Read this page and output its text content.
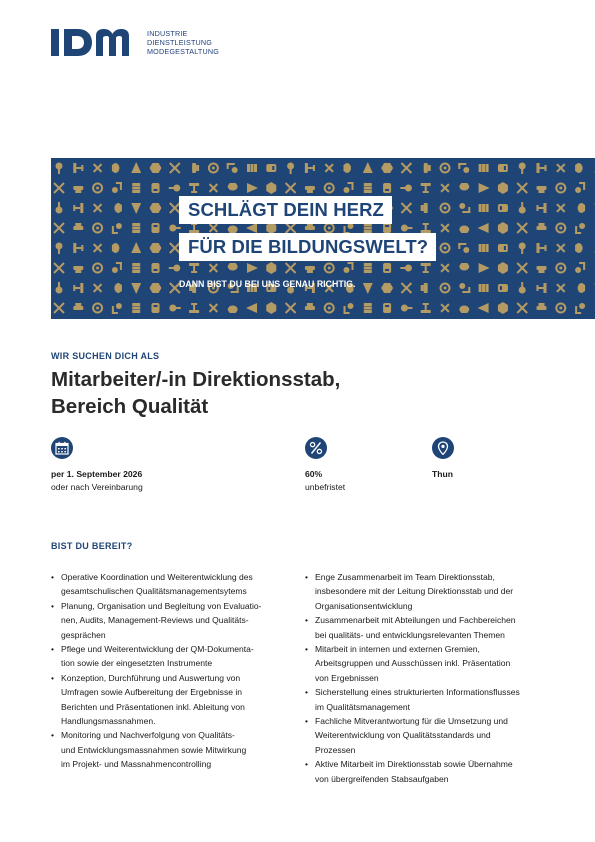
INDUSTRIE
DIENSTLEISTUNG
MODEGESTALTUNG
SCHLÄGT DEIN HERZ
FÜR DIE BILDUNGSWELT?
DANN BIST DU BEI UNS GENAU RICHTIG.
WIR SUCHEN DICH ALS
Mitarbeiter/-in Direktionsstab,
Bereich Qualität
per 1. September 2026
oder nach Vereinbarung
60%
unbefristet
Thun
BIST DU BEREIT?
• Operative Koordination und Weiterentwicklung des
gesamtschulischen Qualitätsmanagementsytems
• Planung, Organisation und Begleitung von Evaluatio-
nen, Audits, Management-Reviews und Qualitäts-
gesprächen
• Pflege und Weiterentwicklung der QM-Dokumenta-
tion sowie der eingesetzten Instrumente
• Konzeption, Durchführung und Auswertung von
Umfragen sowie Aufbereitung der Ergebnisse in
Berichten und Präsentationen inkl. Ableitung von
Handlungsmassnahmen.
• Monitoring und Nachverfolgung von Qualitäts-
und Entwicklungsmassnahmen sowie Mitwirkung
im Projekt- und Massnahmencontrolling
• Enge Zusammenarbeit im Team Direktionsstab,
insbesondere mit der Leitung Direktionsstab und der
Organisationsentwicklung
• Zusammenarbeit mit Abteilungen und Fachbereichen
bei qualitäts- und entwicklungsrelevanten Themen
• Mitarbeit in internen und externen Gremien,
Arbeitsgruppen und Ausschüssen inkl. Präsentation
von Ergebnissen
• Sicherstellung eines strukturierten Informationsflusses
im Qualitätsmanagement
• Fachliche Mitverantwortung für die Umsetzung und
Weiterentwicklung von Qualitätsstandards und
Prozessen
• Aktive Mitarbeit im Direktionsstab sowie Übernahme
von übergreifenden Stabsaufgaben
